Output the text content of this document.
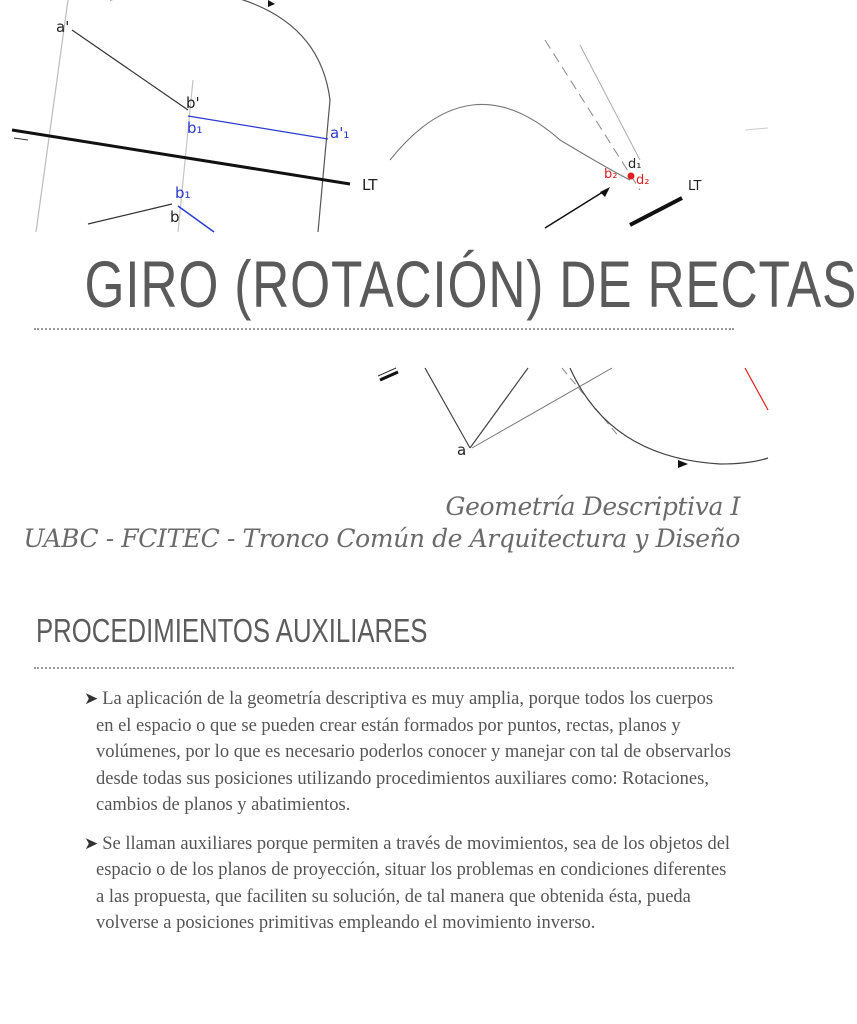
a'
b'
b₁	a'₁
LT
b₁
b
d₁
b₂ d₂	LT
GIRO (ROTACIÓN) DE RECTAS
a
Geometría Descriptiva I
UABC - FCITEC - Tronco Común de Arquitectura y Diseño
PROCEDIMIENTOS AUXILIARES
➤ La aplicación de la geometría descriptiva es muy amplia, porque todos los cuerpos en el espacio o que se pueden crear están formados por puntos, rectas, planos y volúmenes, por lo que es necesario poderlos conocer y manejar con tal de observarlos desde todas sus posiciones utilizando procedimientos auxiliares como: Rotaciones, cambios de planos y abatimientos.
➤ Se llaman auxiliares porque permiten a través de movimientos, sea de los objetos del espacio o de los planos de proyección, situar los problemas en condiciones diferentes a las propuesta, que faciliten su solución, de tal manera que obtenida ésta, pueda volverse a posiciones primitivas empleando el movimiento inverso.
